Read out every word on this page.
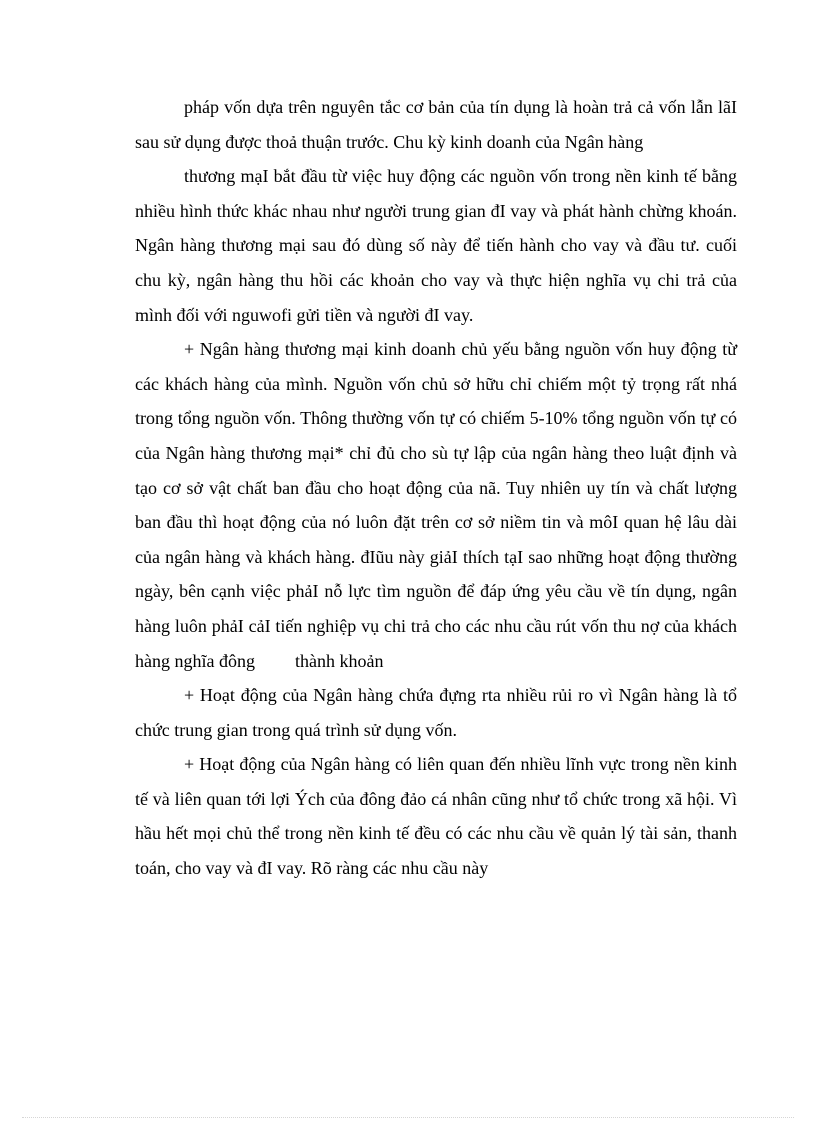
pháp vốn dựa trên nguyên tắc cơ bản của tín dụng là hoàn trả cả vốn lẫn lãI sau sử dụng được thoả thuận trước. Chu kỳ kinh doanh của Ngân hàng

thương mạI bắt đầu từ việc huy động các nguồn vốn trong nền kinh tế bằng nhiều hình thức khác nhau như người trung gian đI vay và phát hành chừng khoán. Ngân hàng thương mại sau đó dùng số này để tiến hành cho vay và đầu tư. cuối chu kỳ, ngân hàng thu hồi các khoản cho vay và thực hiện nghĩa vụ chi trả của mình đối với nguwofi gửi tiền và người đI vay.

+ Ngân hàng thương mại kinh doanh chủ yếu bằng nguồn vốn huy động từ các khách hàng của mình. Nguồn vốn chủ sở hữu chỉ chiếm một tỷ trọng rất nhá trong tổng nguồn vốn. Thông thường vốn tự có chiếm 5-10% tổng nguồn vốn tự có của Ngân hàng thương mại* chỉ đủ cho sù tự lập của ngân hàng theo luật định và tạo cơ sở vật chất ban đầu cho hoạt động của nã. Tuy nhiên uy tín và chất lượng ban đầu thì hoạt động của nó luôn đặt trên cơ sở niềm tin và môI quan hệ lâu dài của ngân hàng và khách hàng. đIũu này giảI thích tạI sao những hoạt động thường ngày, bên cạnh việc phảI nỗ lực tìm nguồn để đáp ứng yêu cầu về tín dụng, ngân hàng luôn phảI cảI tiến nghiệp vụ chi trả cho các nhu cầu rút vốn thu nợ của khách hàng nghĩa đông thành khoản

+ Hoạt động của Ngân hàng chứa đựng rta nhiều rủi ro vì Ngân hàng là tổ chức trung gian trong quá trình sử dụng vốn.

+ Hoạt động của Ngân hàng có liên quan đến nhiều lĩnh vực trong nền kinh tế và liên quan tới lợi Ých của đông đảo cá nhân cũng như tổ chức trong xã hội. Vì hầu hết mọi chủ thể trong nền kinh tế đều có các nhu cầu về quản lý tài sản, thanh toán, cho vay và đI vay. Rõ ràng các nhu cầu này
